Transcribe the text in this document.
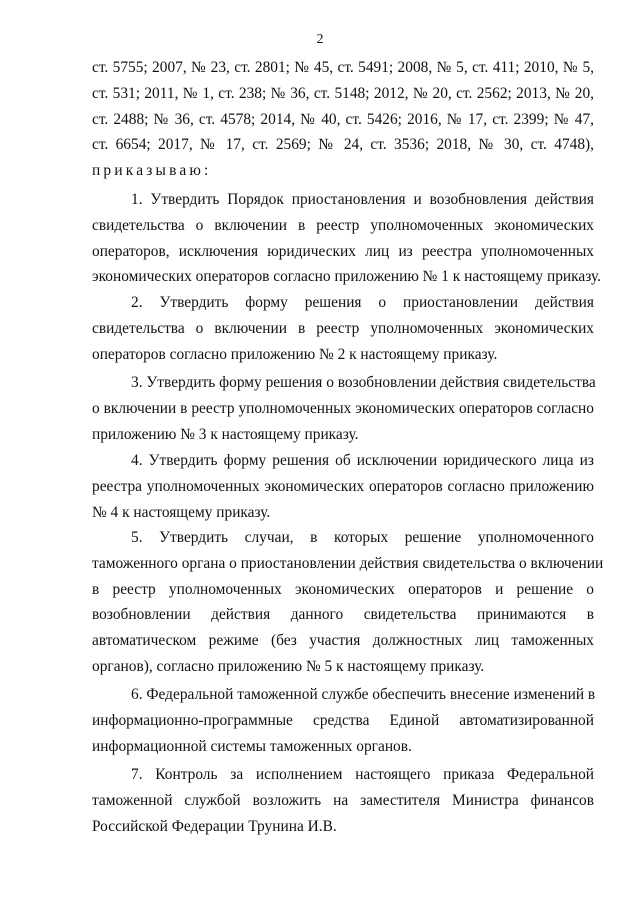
2
ст. 5755; 2007, № 23, ст. 2801; № 45, ст. 5491; 2008, № 5, ст. 411; 2010, № 5,
ст. 531; 2011, № 1, ст. 238; № 36, ст. 5148; 2012, № 20, ст. 2562; 2013, № 20,
ст. 2488; № 36, ст. 4578; 2014, № 40, ст. 5426; 2016, № 17, ст. 2399; № 47,
ст. 6654; 2017, № 17, ст. 2569; № 24, ст. 3536; 2018, № 30, ст. 4748),
приказываю:
1. Утвердить Порядок приостановления и возобновления действия
свидетельства о включении в реестр уполномоченных экономических
операторов, исключения юридических лиц из реестра уполномоченных
экономических операторов согласно приложению № 1 к настоящему приказу.
2. Утвердить форму решения о приостановлении действия
свидетельства о включении в реестр уполномоченных экономических
операторов согласно приложению № 2 к настоящему приказу.
3. Утвердить форму решения о возобновлении действия свидетельства
о включении в реестр уполномоченных экономических операторов согласно
приложению № 3 к настоящему приказу.
4. Утвердить форму решения об исключении юридического лица из
реестра уполномоченных экономических операторов согласно приложению
№ 4 к настоящему приказу.
5. Утвердить случаи, в которых решение уполномоченного
таможенного органа о приостановлении действия свидетельства о включении
в реестр уполномоченных экономических операторов и решение о
возобновлении действия данного свидетельства принимаются в
автоматическом режиме (без участия должностных лиц таможенных
органов), согласно приложению № 5 к настоящему приказу.
6. Федеральной таможенной службе обеспечить внесение изменений в
информационно-программные средства Единой автоматизированной
информационной системы таможенных органов.
7. Контроль за исполнением настоящего приказа Федеральной
таможенной службой возложить на заместителя Министра финансов
Российской Федерации Трунина И.В.
